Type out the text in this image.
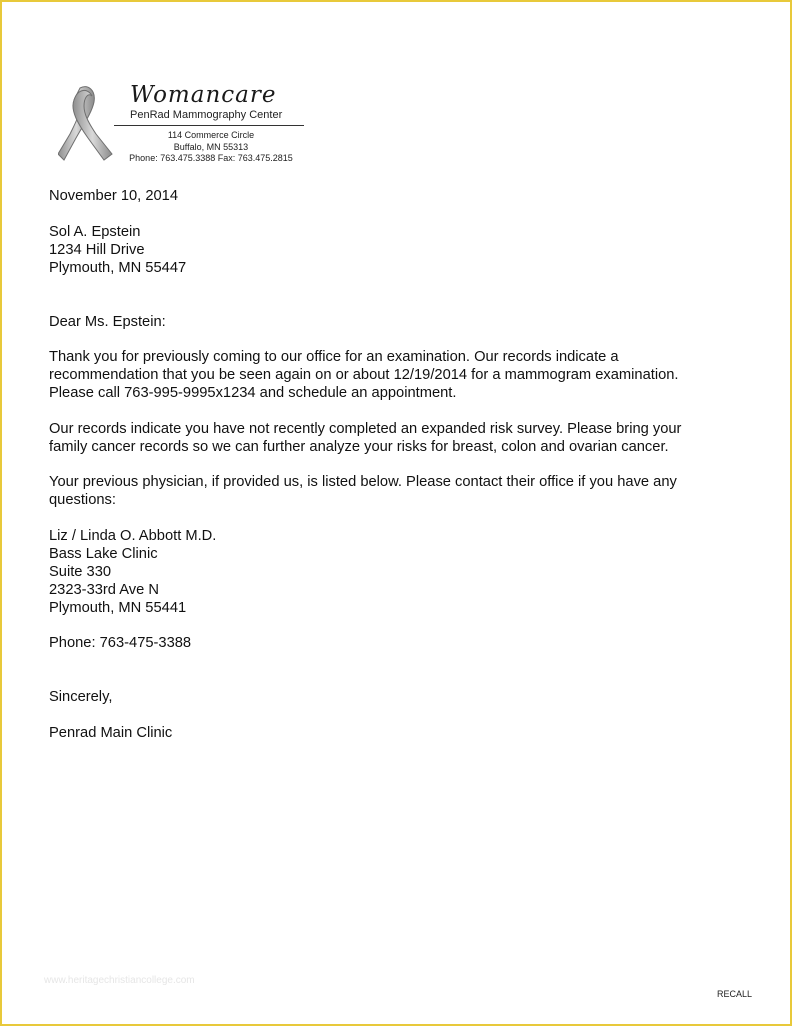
Womancare
PenRad Mammography Center
114 Commerce Circle
Buffalo, MN 55313
Phone: 763.475.3388 Fax: 763.475.2815
November 10, 2014
Sol A. Epstein
1234 Hill Drive
Plymouth, MN 55447
Dear Ms. Epstein:
Thank you for previously coming to our office for an examination. Our records indicate a
recommendation that you be seen again on or about 12/19/2014 for a mammogram examination.
Please call 763-995-9995x1234 and schedule an appointment.
Our records indicate you have not recently completed an expanded risk survey. Please bring your
family cancer records so we can further analyze your risks for breast, colon and ovarian cancer.
Your previous physician, if provided us, is listed below. Please contact their office if you have any
questions:
Liz / Linda O. Abbott M.D.
Bass Lake Clinic
Suite 330
2323-33rd Ave N
Plymouth, MN 55441
Phone: 763-475-3388
Sincerely,
Penrad Main Clinic
www.heritagechristiancollege.com
RECALL
